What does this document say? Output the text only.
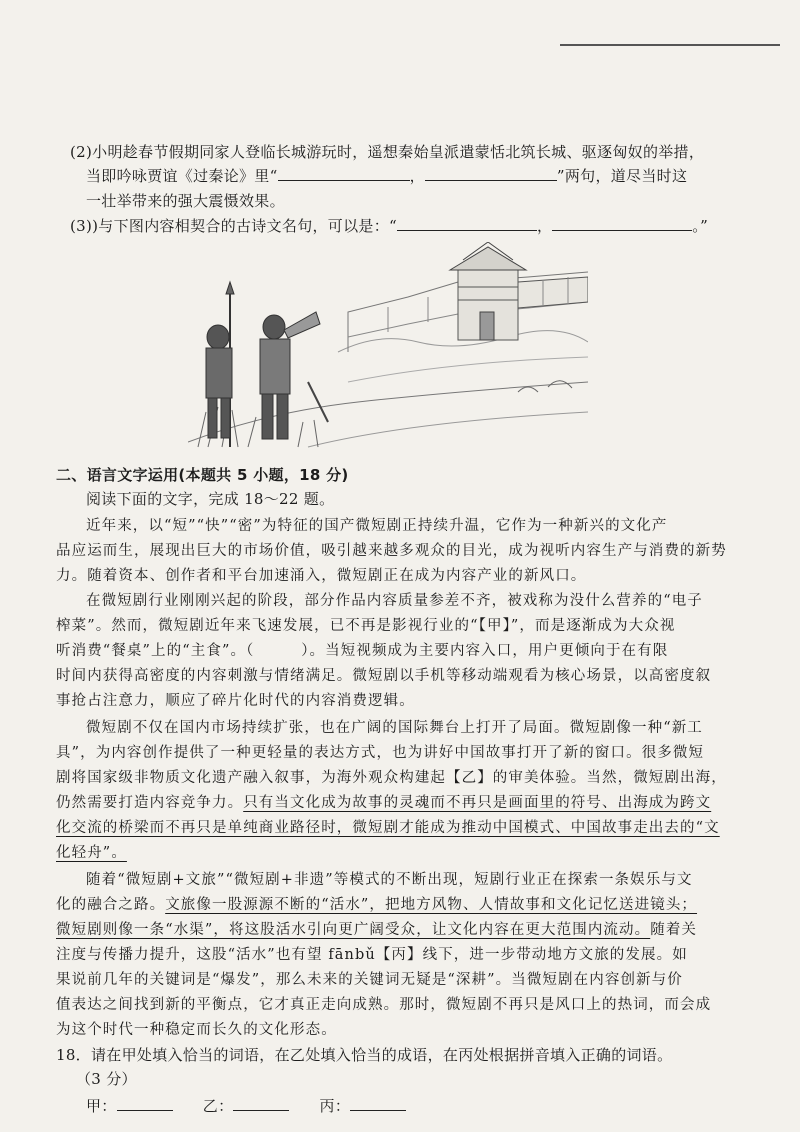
(2)小明趁春节假期同家人登临长城游玩时，遥想秦始皇派遣蒙恬北筑长城、驱逐匈奴的举措，
当即吟咏贾谊《过秦论》里“	，	”两句，道尽当时这
一壮举带来的强大震慑效果。
(3))与下图内容相契合的古诗文名句，可以是：“	，	。”
二、语言文字运用(本题共 5 小题，18 分)
阅读下面的文字，完成 18～22 题。
近年来，以“短”“快”“密”为特征的国产微短剧正持续升温，它作为一种新兴的文化产
品应运而生，展现出巨大的市场价值，吸引越来越多观众的目光，成为视听内容生产与消费的新势
力。随着资本、创作者和平台加速涌入，微短剧正在成为内容产业的新风口。
在微短剧行业刚刚兴起的阶段，部分作品内容质量参差不齐，被戏称为没什么营养的“电子
榨菜”。然而，微短剧近年来飞速发展，已不再是影视行业的“【甲】”，而是逐渐成为大众视
听消费“餐桌”上的“主食”。（　　　）。当短视频成为主要内容入口，用户更倾向于在有限
时间内获得高密度的内容刺激与情绪满足。微短剧以手机等移动端观看为核心场景，以高密度叙
事抢占注意力，顺应了碎片化时代的内容消费逻辑。
微短剧不仅在国内市场持续扩张，也在广阔的国际舞台上打开了局面。微短剧像一种“新工
具”，为内容创作提供了一种更轻量的表达方式，也为讲好中国故事打开了新的窗口。很多微短
剧将国家级非物质文化遗产融入叙事，为海外观众构建起【乙】的审美体验。当然，微短剧出海，
仍然需要打造内容竞争力。只有当文化成为故事的灵魂而不再只是画面里的符号、出海成为跨文
化交流的桥梁而不再只是单纯商业路径时，微短剧才能成为推动中国模式、中国故事走出去的“文
化轻舟”。
随着“微短剧+文旅”“微短剧+非遗”等模式的不断出现，短剧行业正在探索一条娱乐与文
化的融合之路。文旅像一股源源不断的“活水”，把地方风物、人情故事和文化记忆送进镜头；
微短剧则像一条“水渠”，将这股活水引向更广阔受众，让文化内容在更大范围内流动。随着关
注度与传播力提升，这股“活水”也有望 fānbǔ【丙】线下，进一步带动地方文旅的发展。如
果说前几年的关键词是“爆发”，那么未来的关键词无疑是“深耕”。当微短剧在内容创新与价
值表达之间找到新的平衡点，它才真正走向成熟。那时，微短剧不再只是风口上的热词，而会成
为这个时代一种稳定而长久的文化形态。
18．请在甲处填入恰当的词语，在乙处填入恰当的成语，在丙处根据拼音填入正确的词语。
（3 分）
甲：	乙：	丙：
